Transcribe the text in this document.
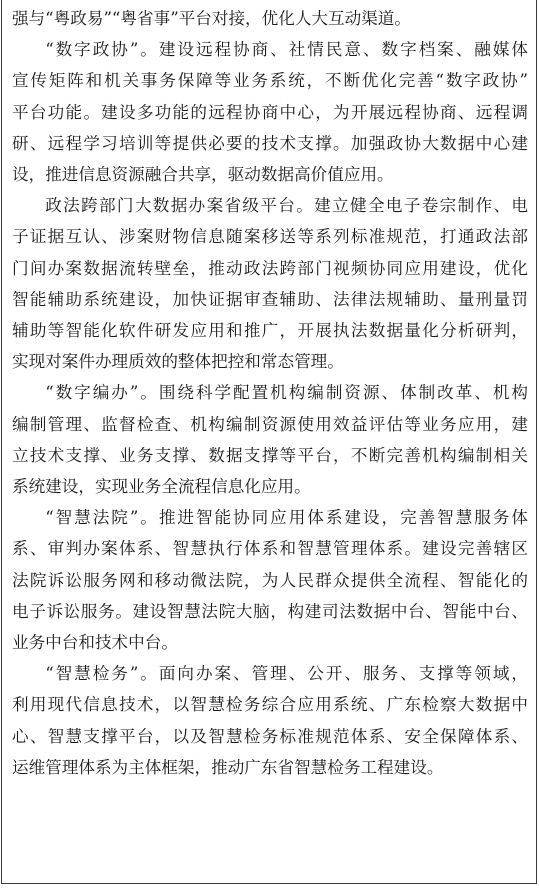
强与“粤政易”“粤省事”平台对接，优化人大互动渠道。
“数字政协”。建设远程协商、社情民意、数字档案、融媒体
宣传矩阵和机关事务保障等业务系统，不断优化完善“数字政协”
平台功能。建设多功能的远程协商中心，为开展远程协商、远程调
研、远程学习培训等提供必要的技术支撑。加强政协大数据中心建
设，推进信息资源融合共享，驱动数据高价值应用。
政法跨部门大数据办案省级平台。建立健全电子卷宗制作、电
子证据互认、涉案财物信息随案移送等系列标准规范，打通政法部
门间办案数据流转壁垒，推动政法跨部门视频协同应用建设，优化
智能辅助系统建设，加快证据审查辅助、法律法规辅助、量刑量罚
辅助等智能化软件研发应用和推广，开展执法数据量化分析研判，
实现对案件办理质效的整体把控和常态管理。
“数字编办”。围绕科学配置机构编制资源、体制改革、机构
编制管理、监督检查、机构编制资源使用效益评估等业务应用，建
立技术支撑、业务支撑、数据支撑等平台，不断完善机构编制相关
系统建设，实现业务全流程信息化应用。
“智慧法院”。推进智能协同应用体系建设，完善智慧服务体
系、审判办案体系、智慧执行体系和智慧管理体系。建设完善辖区
法院诉讼服务网和移动微法院，为人民群众提供全流程、智能化的
电子诉讼服务。建设智慧法院大脑，构建司法数据中台、智能中台、
业务中台和技术中台。
“智慧检务”。面向办案、管理、公开、服务、支撑等领域，
利用现代信息技术，以智慧检务综合应用系统、广东检察大数据中
心、智慧支撑平台，以及智慧检务标准规范体系、安全保障体系、
运维管理体系为主体框架，推动广东省智慧检务工程建设。
